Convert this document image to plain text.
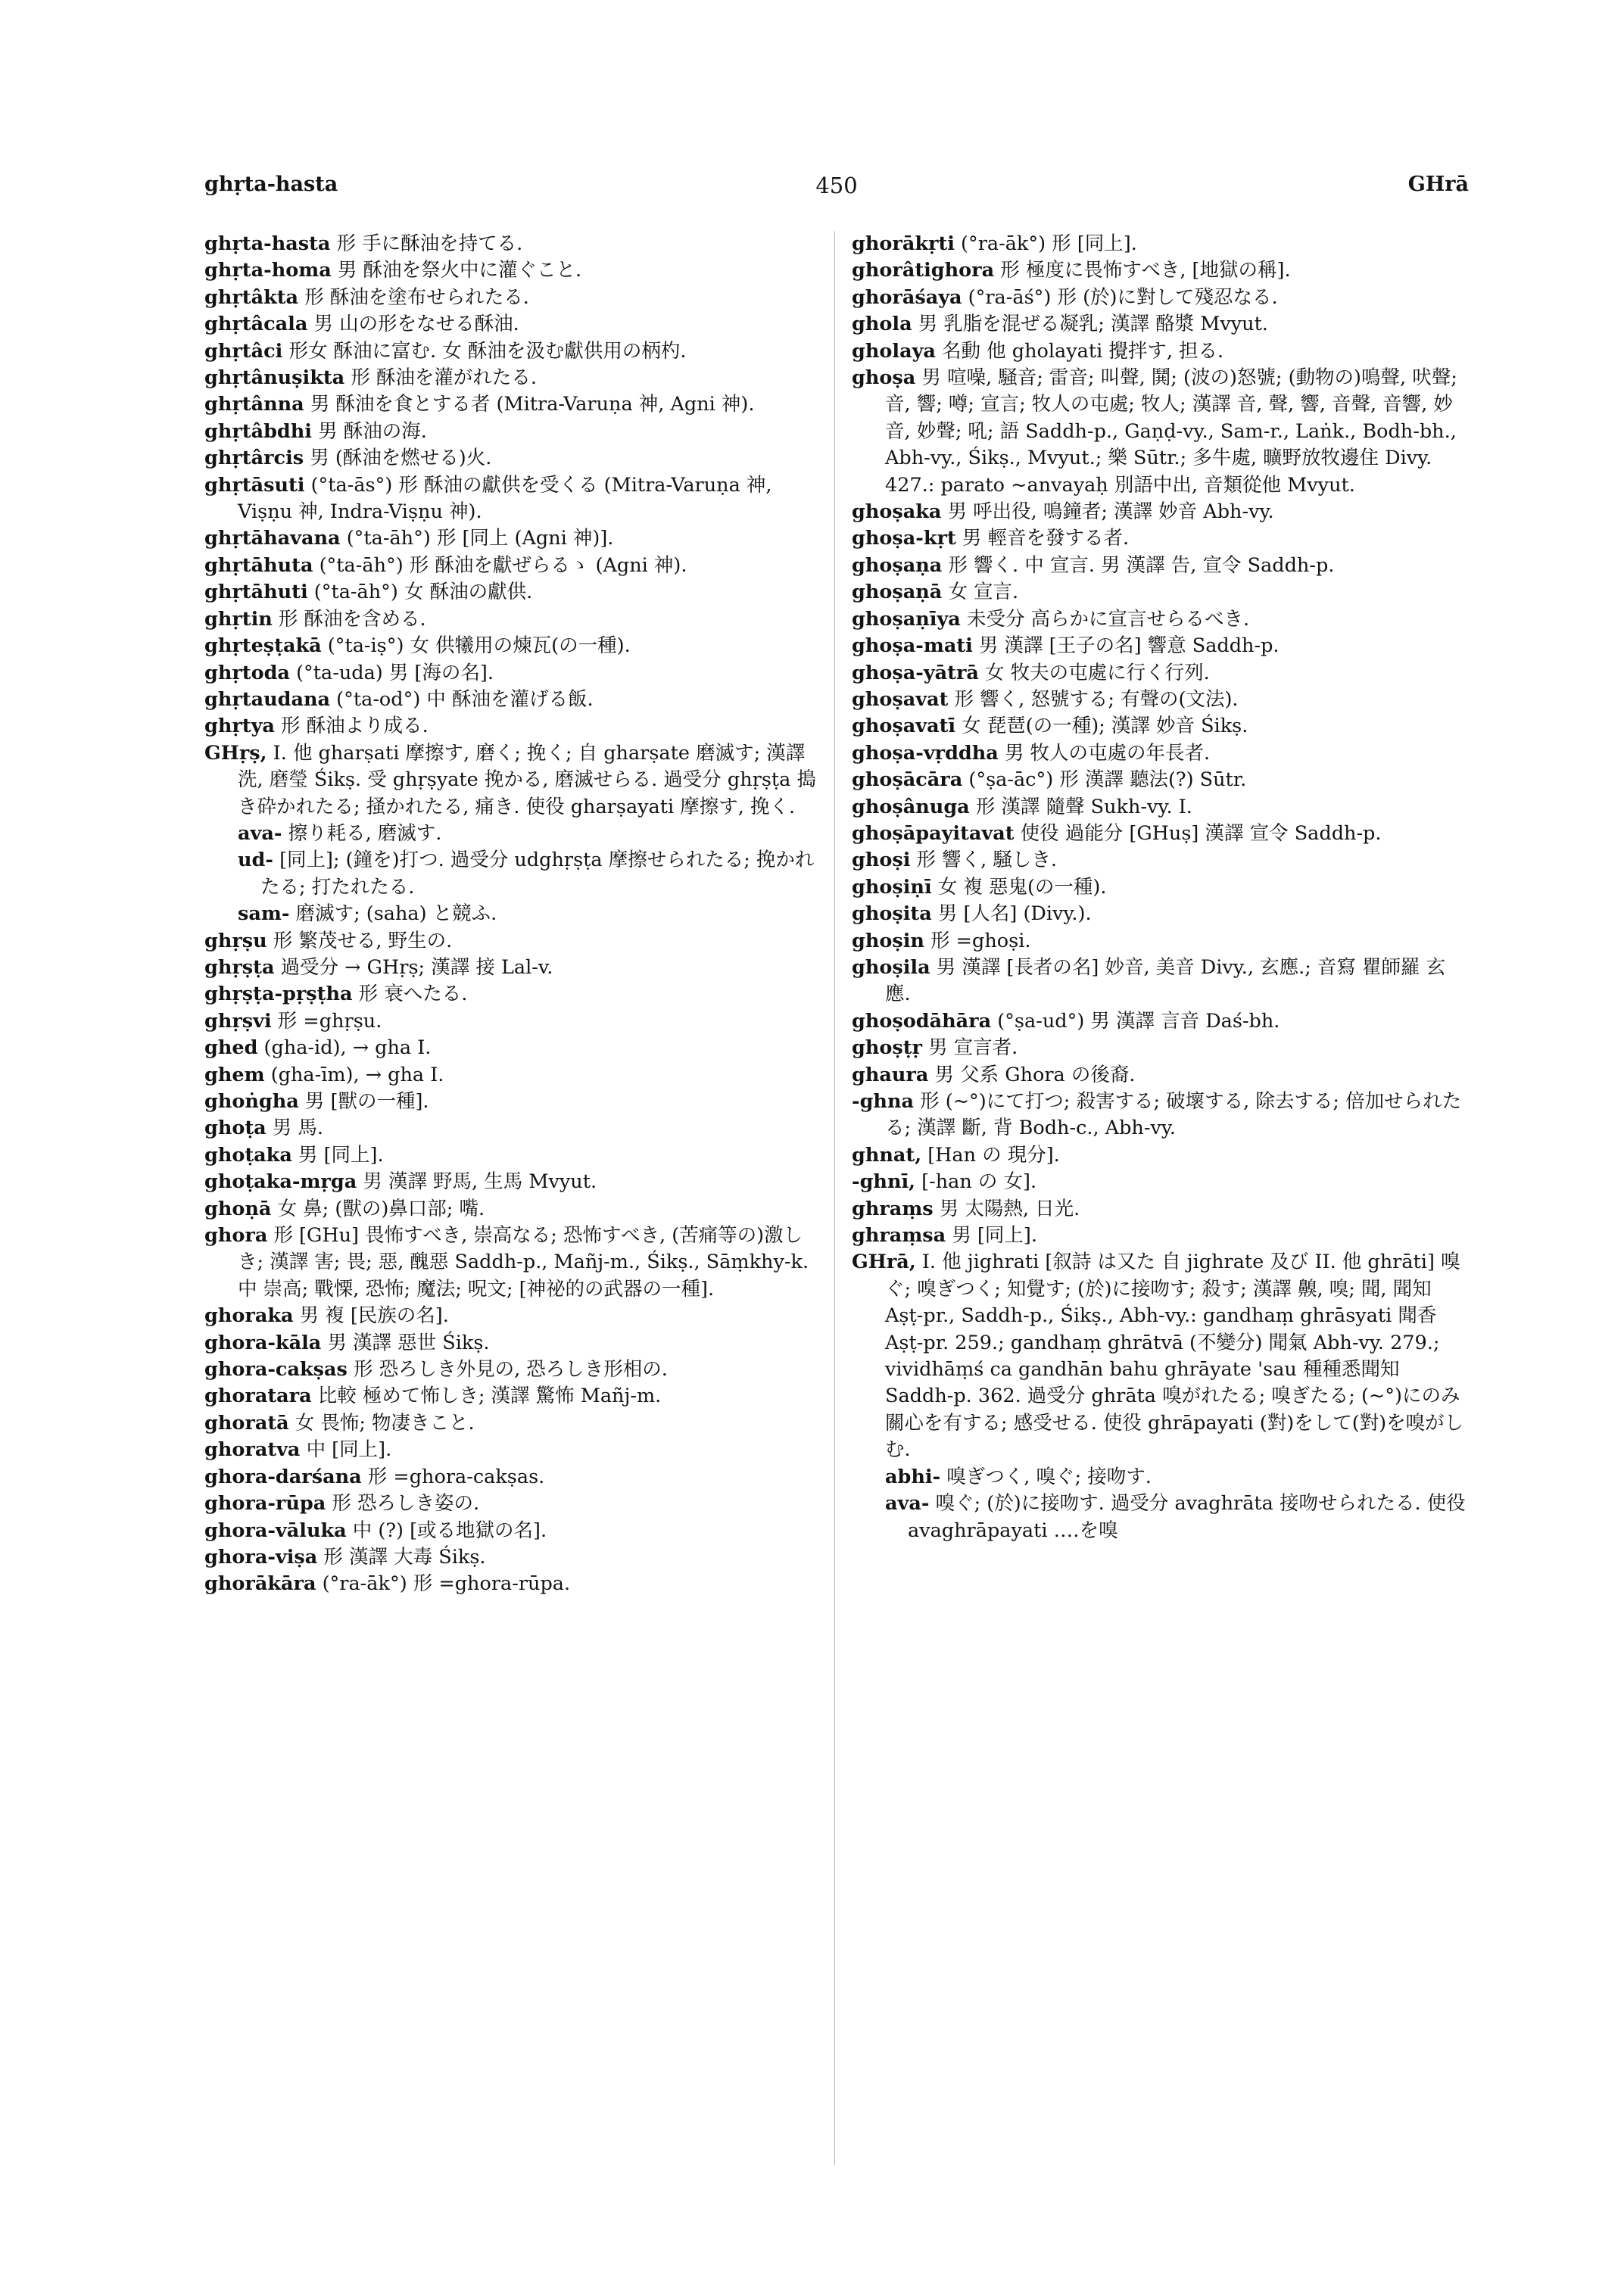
ghṛta-hasta	450	GHrā

ghṛta-hasta 形 手に酥油を持てる.

ghṛta-homa 男 酥油を祭火中に灌ぐこと.

ghṛtâkta 形 酥油を塗布せられたる.

ghṛtâcala 男 山の形をなせる酥油.

ghṛtâci 形女 酥油に富む. 女 酥油を汲む獻供用の柄杓.

ghṛtânuṣikta 形 酥油を灌がれたる.

ghṛtânna 男 酥油を食とする者 (Mitra-Varuṇa 神, Agni 神).

ghṛtâbdhi 男 酥油の海.

ghṛtârcis 男 (酥油を燃せる)火.

ghṛtāsuti (°ta-ās°) 形 酥油の獻供を受くる (Mitra-Varuṇa 神, Viṣṇu 神, Indra-Viṣṇu 神).

ghṛtāhavana (°ta-āh°) 形 [同上 (Agni 神)].

ghṛtāhuta (°ta-āh°) 形 酥油を獻ぜらるゝ (Agni 神).

ghṛtāhuti (°ta-āh°) 女 酥油の獻供.

ghṛtin 形 酥油を含める.

ghṛteṣṭakā (°ta-iṣ°) 女 供犧用の煉瓦(の一種).

ghṛtoda (°ta-uda) 男 [海の名].

ghṛtaudana (°ta-od°) 中 酥油を灌げる飯.

ghṛtya 形 酥油より成る.

GHṛṣ, I. 他 gharṣati 摩擦す, 磨く; 挽く; 自 gharṣate 磨滅す; 漢譯 洗, 磨瑩 Śikṣ. 受 ghṛṣyate 挽かる, 磨滅せらる. 過受分 ghṛṣṭa 搗き砕かれたる; 掻かれたる, 痛き. 使役 gharṣayati 摩擦す, 挽く.

ava- 擦り耗る, 磨滅す.

ud- [同上]; (鐘を)打つ. 過受分 udghṛṣṭa 摩擦せられたる; 挽かれたる; 打たれたる.

sam- 磨滅す; (saha) と競ふ.

ghṛṣu 形 繁茂せる, 野生の.

ghṛṣṭa 過受分 → GHṛṣ; 漢譯 接 Lal-v.

ghṛṣṭa-pṛṣṭha 形 衰へたる.

ghṛṣvi 形 =ghṛṣu.

ghed (gha-id), → gha I.

ghem (gha-īm), → gha I.

ghoṅgha 男 [獸の一種].

ghoṭa 男 馬.

ghoṭaka 男 [同上].

ghoṭaka-mṛga 男 漢譯 野馬, 生馬 Mvyut.

ghoṇā 女 鼻; (獸の)鼻口部; 嘴.

ghora 形 [GHu] 畏怖すべき, 崇高なる; 恐怖すべき, (苦痛等の)激しき; 漢譯 害; 畏; 惡, 醜惡 Saddh-p., Mañj-m., Śikṣ., Sāṃkhy-k. 中 崇高; 戰慄, 恐怖; 魔法; 呪文; [神祕的の武器の一種].

ghoraka 男 複 [民族の名].

ghora-kāla 男 漢譯 惡世 Śikṣ.

ghora-cakṣas 形 恐ろしき外見の, 恐ろしき形相の.

ghoratara 比較 極めて怖しき; 漢譯 驚怖 Mañj-m.

ghoratā 女 畏怖; 物凄きこと.

ghoratva 中 [同上].

ghora-darśana 形 =ghora-cakṣas.

ghora-rūpa 形 恐ろしき姿の.

ghora-vāluka 中 (?) [或る地獄の名].

ghora-viṣa 形 漢譯 大毒 Śikṣ.

ghorākāra (°ra-āk°) 形 =ghora-rūpa.

ghorākṛti (°ra-āk°) 形 [同上].

ghorâtighora 形 極度に畏怖すべき, [地獄の稱].

ghorāśaya (°ra-āś°) 形 (於)に對して殘忍なる.

ghola 男 乳脂を混ぜる凝乳; 漢譯 酪漿 Mvyut.

gholaya 名動 他 gholayati 攪拌す, 担る.

ghoṣa 男 喧噪, 騒音; 雷音; 叫聲, 鬨; (波の)怒號; (動物の)鳴聲, 吠聲; 音, 響; 噂; 宣言; 牧人の屯處; 牧人; 漢譯 音, 聲, 響, 音聲, 音響, 妙音, 妙聲; 吼; 語 Saddh-p., Gaṇḍ-vy., Sam-r., Laṅk., Bodh-bh., Abh-vy., Śikṣ., Mvyut.; 樂 Sūtr.; 多牛處, 曠野放牧邊住 Divy. 427.: parato ~anvayaḥ 別語中出, 音類從他 Mvyut.

ghoṣaka 男 呼出役, 鳴鐘者; 漢譯 妙音 Abh-vy.

ghoṣa-kṛt 男 輕音を發する者.

ghoṣaṇa 形 響く. 中 宣言. 男 漢譯 告, 宣令 Saddh-p.

ghoṣaṇā 女 宣言.

ghoṣaṇīya 未受分 高らかに宣言せらるべき.

ghoṣa-mati 男 漢譯 [王子の名] 響意 Saddh-p.

ghoṣa-yātrā 女 牧夫の屯處に行く行列.

ghoṣavat 形 響く, 怒號する; 有聲の(文法).

ghoṣavatī 女 琵琶(の一種); 漢譯 妙音 Śikṣ.

ghoṣa-vṛddha 男 牧人の屯處の年長者.

ghoṣācāra (°ṣa-āc°) 形 漢譯 聽法(?) Sūtr.

ghoṣânuga 形 漢譯 隨聲 Sukh-vy. I.

ghoṣāpayitavat 使役 過能分 [GHuṣ] 漢譯 宣令 Saddh-p.

ghoṣi 形 響く, 騒しき.

ghoṣiṇī 女 複 惡鬼(の一種).

ghoṣita 男 [人名] (Divy.).

ghoṣin 形 =ghoṣi.

ghoṣila 男 漢譯 [長者の名] 妙音, 美音 Divy., 玄應.; 音寫 瞿師羅 玄應.

ghoṣodāhāra (°ṣa-ud°) 男 漢譯 言音 Daś-bh.

ghoṣṭṛ 男 宣言者.

ghaura 男 父系 Ghora の後裔.

-ghna 形 (~°)にて打つ; 殺害する; 破壞する, 除去する; 倍加せられたる; 漢譯 斷, 背 Bodh-c., Abh-vy.

ghnat, [Han の 現分].

-ghnī, [-han の 女].

ghraṃs 男 太陽熱, 日光.

ghraṃsa 男 [同上].

GHrā, I. 他 jighrati [叙詩 は又た 自 jighrate 及び II. 他 ghrāti] 嗅ぐ; 嗅ぎつく; 知覺す; (於)に接吻す; 殺す; 漢譯 齅, 嗅; 聞, 聞知 Aṣṭ-pr., Saddh-p., Śikṣ., Abh-vy.: gandhaṃ ghrāsyati 聞香 Aṣṭ-pr. 259.; gandhaṃ ghrātvā (不變分) 聞氣 Abh-vy. 279.; vividhāṃś ca gandhān bahu ghrāyate 'sau 種種悉聞知 Saddh-p. 362. 過受分 ghrāta 嗅がれたる; 嗅ぎたる; (~°)にのみ關心を有する; 感受せる. 使役 ghrāpayati (對)をして(對)を嗅がしむ.

abhi- 嗅ぎつく, 嗅ぐ; 接吻す.

ava- 嗅ぐ; (於)に接吻す. 過受分 avaghrāta 接吻せられたる. 使役 avaghrāpayati ‥‥を嗅
